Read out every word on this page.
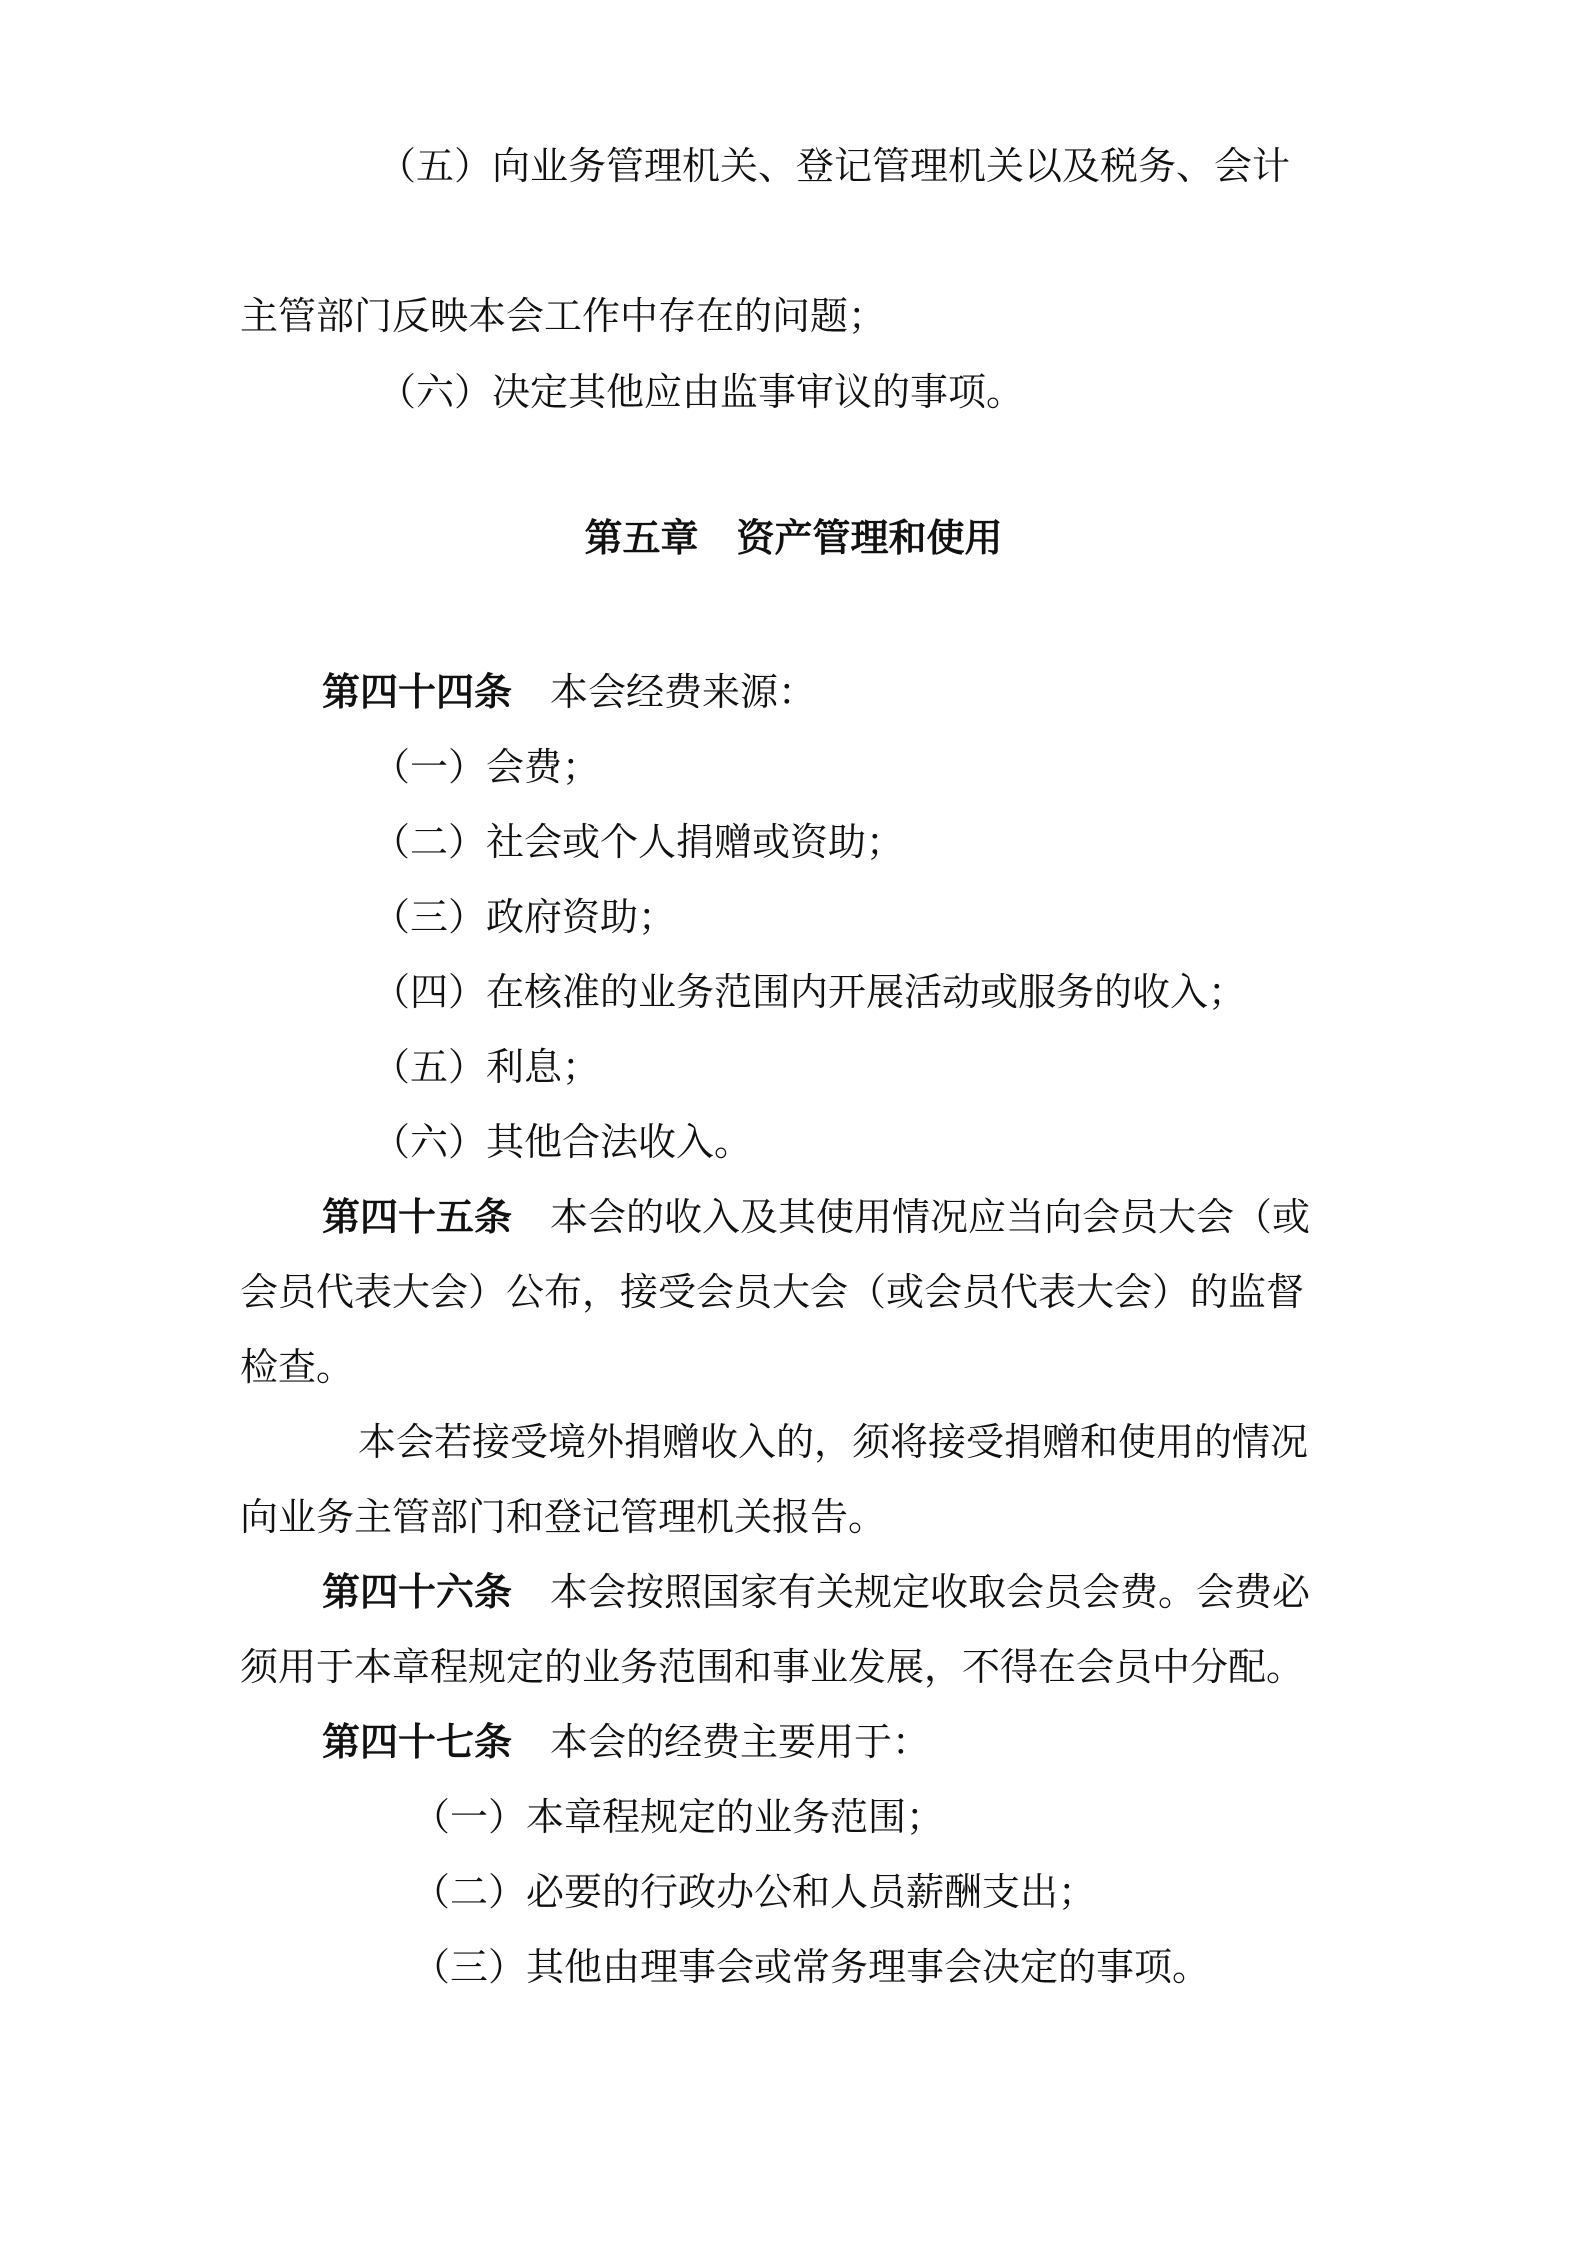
（五）向业务管理机关、登记管理机关以及税务、会计

主管部门反映本会工作中存在的问题；

（六）决定其他应由监事审议的事项。

第五章　资产管理和使用

第四十四条　本会经费来源：

（一）会费；

（二）社会或个人捐赠或资助；

（三）政府资助；

（四）在核准的业务范围内开展活动或服务的收入；

（五）利息；

（六）其他合法收入。

第四十五条　本会的收入及其使用情况应当向会员大会（或

会员代表大会）公布，接受会员大会（或会员代表大会）的监督

检查。

本会若接受境外捐赠收入的，须将接受捐赠和使用的情况

向业务主管部门和登记管理机关报告。

第四十六条　本会按照国家有关规定收取会员会费。会费必

须用于本章程规定的业务范围和事业发展，不得在会员中分配。

第四十七条　本会的经费主要用于：

（一）本章程规定的业务范围；

（二）必要的行政办公和人员薪酬支出；

（三）其他由理事会或常务理事会决定的事项。
